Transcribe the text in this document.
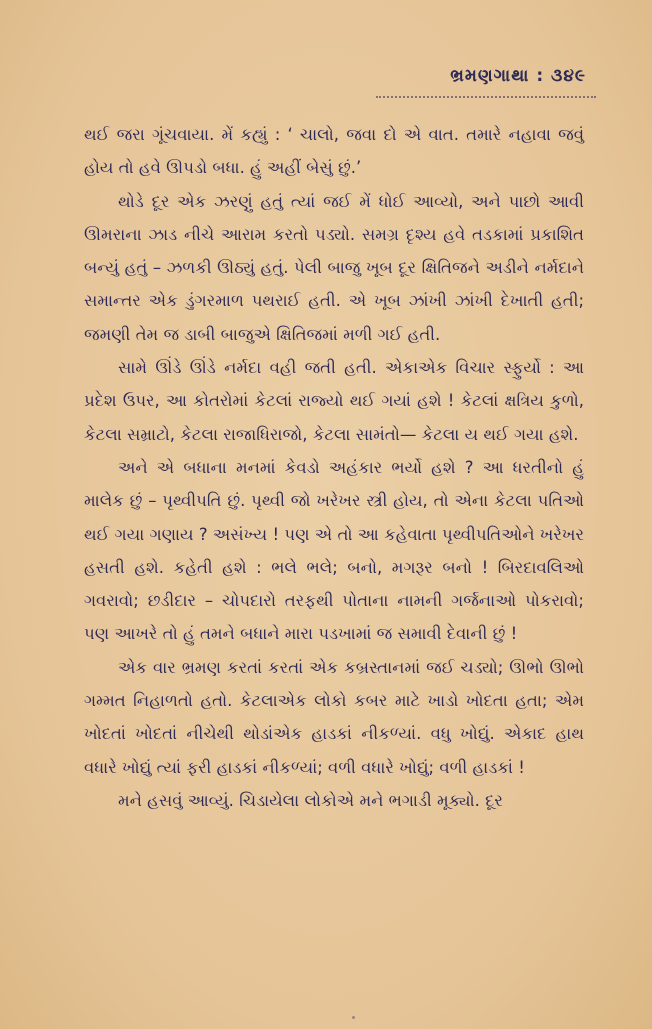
ભ્રમણગાથા : ૩૪૯

થઈ જરા ગૂંચવાયા. મેં કહ્યું : ‘ ચાલો, જવા દો એ વાત. તમારે નહાવા જવું હોય તો હવે ઊપડો બધા. હું અહીં બેસું છું.’

થોડે દૂર એક ઝરણું હતું ત્યાં જઈ મેં ધોઈ આવ્યો, અને પાછો આવી ઊમરાના ઝાડ નીચે આરામ કરતો પડ્યો. સમગ્ર દૃશ્ય હવે તડકામાં પ્રકાશિત બન્યું હતું – ઝળકી ઊઠ્યું હતું. પેલી બાજુ ખૂબ દૂર ક્ષિતિજને અડીને નર્મદાને સમાન્તર એક ડુંગરમાળ પથરાઈ હતી. એ ખૂબ ઝાંખી ઝાંખી દેખાતી હતી; જમણી તેમ જ ડાબી બાજુએ ક્ષિતિજમાં મળી ગઈ હતી.

સામે ઊંડે ઊંડે નર્મદા વહી જતી હતી. એકાએક વિચાર સ્ફુર્યો : આ પ્રદેશ ઉપર, આ કોતરોમાં કેટલાં રાજ્યો થઈ ગયાં હશે ! કેટલાં ક્ષત્રિય કુળો, કેટલા સમ્રાટો, કેટલા રાજાધિરાજો, કેટલા સામંતો— કેટલા ય થઈ ગયા હશે.

અને એ બધાના મનમાં કેવડો અહંકાર ભર્યો હશે ? આ ધરતીનો હું માલેક છું – પૃથ્વીપતિ છું. પૃથ્વી જો ખરેખર સ્ત્રી હોય, તો એના કેટલા પતિઓ થઈ ગયા ગણાય ? અસંખ્ય ! પણ એ તો આ કહેવાતા પૃથ્વીપતિઓને ખરેખર હસતી હશે. કહેતી હશે : ભલે ભલે; બનો, મગરૂર બનો ! બિરદાવલિઓ ગવરાવો; છડીદાર – ચોપદારો તરફથી પોતાના નામની ગર્જનાઓ પોકરાવો; પણ આખરે તો હું તમને બધાને મારા પડખામાં જ સમાવી દેવાની છું !

એક વાર ભ્રમણ કરતાં કરતાં એક કબ્રસ્તાનમાં જઈ ચડ્યો; ઊભો ઊભો ગમ્મત નિહાળતો હતો. કેટલાએક લોકો કબર માટે ખાડો ખોદતા હતા; એમ ખોદતાં ખોદતાં નીચેથી થોડાંએક હાડકાં નીકળ્યાં. વધુ ખોદ્યું. એકાદ હાથ વધારે ખોદ્યું ત્યાં ફરી હાડકાં નીકળ્યાં; વળી વધારે ખોદ્યું; વળી હાડકાં !

મને હસવું આવ્યું. ચિડાયેલા લોકોએ મને ભગાડી મૂક્યો. દૂર
